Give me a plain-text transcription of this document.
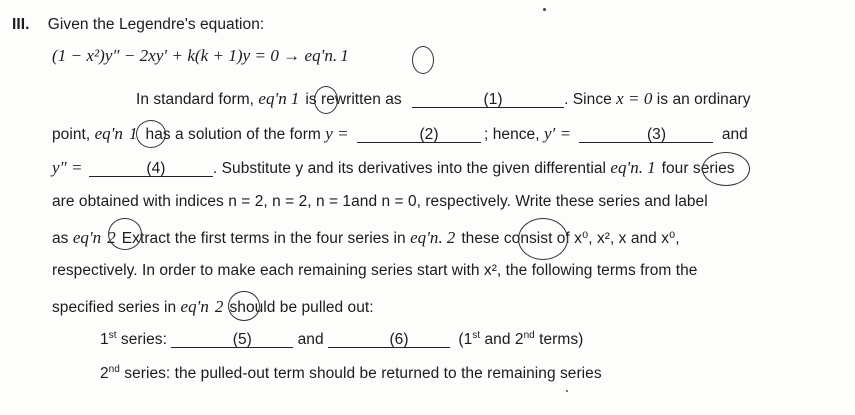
III. Given the Legendre's equation:
(1 − x²)y″ − 2xy′ + k(k + 1)y = 0 → eq'n. 1
In standard form, eq'n 1 is rewritten as	(1)	. Since x = 0 is an ordinary
point, eq'n 1 has a solution of the form y =	(2)	; hence, y′ =	(3)	and
y″ =	(4)	. Substitute y and its derivatives into the given differential eq'n. 1 four series
are obtained with indices n = 2, n = 2, n = 1and n = 0, respectively. Write these series and label
as eq'n 2 Extract the first terms in the four series in eq'n. 2 these consist of x⁰, x², x and x⁰,
respectively. In order to make each remaining series start with x², the following terms from the
specified series in eq'n 2 should be pulled out:
1st series:	(5)	and	(6)	(1st and 2nd terms)
2nd series: the pulled-out term should be returned to the remaining series
